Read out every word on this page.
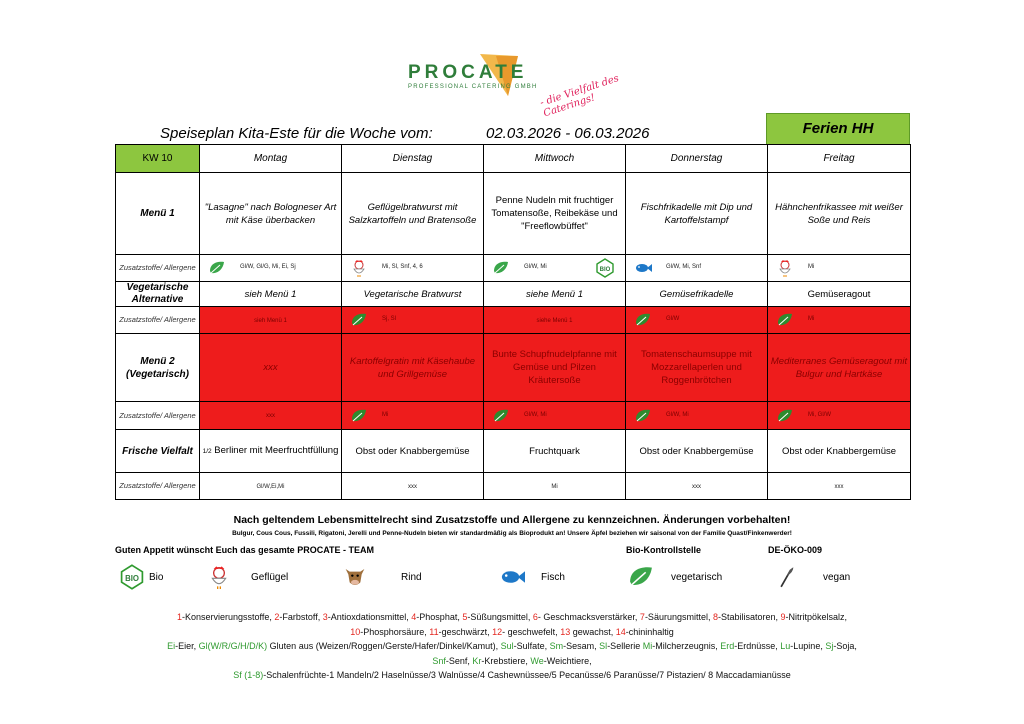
PROCATE
PROFESSIONAL CATERING GMBH - die Vielfalt des Caterings!
Speiseplan Kita-Este für die Woche vom:	02.03.2026 - 06.03.2026	Ferien HH
KW 10	Montag	Dienstag	Mittwoch	Donnerstag	Freitag
Menü 1	"Lasagne" nach Bologneser Art mit Käse überbacken	Geflügelbratwurst mit Salzkartoffeln und Bratensoße	Penne Nudeln mit fruchtiger Tomatensoße, Reibekäse und "Freeflowbüffet"	Fischfrikadelle mit Dip und Kartoffelstampf	Hähnchenfrikassee mit weißer Soße und Reis
Zusatzstoffe/ Allergene	Gl/W, Gl/G, Mi, Ei, Sj	Mi, Sl, Snf, 4, 6	Gl/W, Mi BIO	Gl/W, Mi, Snf	Mi

Vegetarische Alternative	sieh Menü 1	Vegetarische Bratwurst	siehe Menü 1	Gemüsefrikadelle	Gemüseragout
Zusatzstoffe/ Allergene	sieh Menü 1	Sj, Sl	siehe Menü 1	Gl/W	Mi

Menü 2 (Vegetarisch)	xxx	Kartoffelgratin mit Käsehaube und Grillgemüse	Bunte Schupfnudelpfanne mit Gemüse und Pilzen Kräutersoße	Tomatenschaumsuppe mit Mozzarellaperlen und Roggenbrötchen	Mediterranes Gemüseragout mit Bulgur und Hartkäse
Zusatzstoffe/ Allergene	xxx	Mi	Gl/W, Mi	Gl/W, Mi	Mi, Gl/W

Frische Vielfalt	1/2 Berliner mit Meerfruchtfüllung	Obst oder Knabbergemüse	Fruchtquark	Obst oder Knabbergemüse	Obst oder Knabbergemüse
Zusatzstoffe/ Allergene	Gl/W,Ei,Mi	xxx	Mi	xxx	xxx
Nach geltendem Lebensmittelrecht sind Zusatzstoffe und Allergene zu kennzeichnen. Änderungen vorbehalten!
Bulgur, Cous Cous, Fussili, Rigatoni, Jerelli und Penne-Nudeln bieten wir standardmäßig als Bioprodukt an! Unsere Äpfel beziehen wir saisonal von der Familie Quast/Finkenwerder!
Guten Appetit wünscht Euch das gesamte PROCATE - TEAM	Bio-Kontrollstelle	DE-ÖKO-009
BIO Bio	Geflügel	Rind	Fisch	vegetarisch	vegan
1-Konservierungsstoffe, 2-Farbstoff, 3-Antioxdationsmittel, 4-Phosphat, 5-Süßungsmittel, 6- Geschmacksverstärker, 7-Säurungsmittel, 8-Stabilisatoren, 9-Nitritpökelsalz,
10-Phosphorsäure, 11-geschwärzt, 12- geschwefelt, 13 gewachst, 14-chininhaltig
Ei-Eier, Gl(W/R/G/H/D/K) Gluten aus (Weizen/Roggen/Gerste/Hafer/Dinkel/Kamut), Sul-Sulfate, Sm-Sesam, Sl-Sellerie Mi-Milcherzeugnis, Erd-Erdnüsse, Lu-Lupine, Sj-Soja,
Snf-Senf, Kr-Krebstiere, We-Weichtiere,
Sf (1-8)-Schalenfrüchte-1 Mandeln/2 Haselnüsse/3 Walnüsse/4 Cashewnüssee/5 Pecanüsse/6 Paranüsse/7 Pistazien/ 8 Maccadamianüsse
